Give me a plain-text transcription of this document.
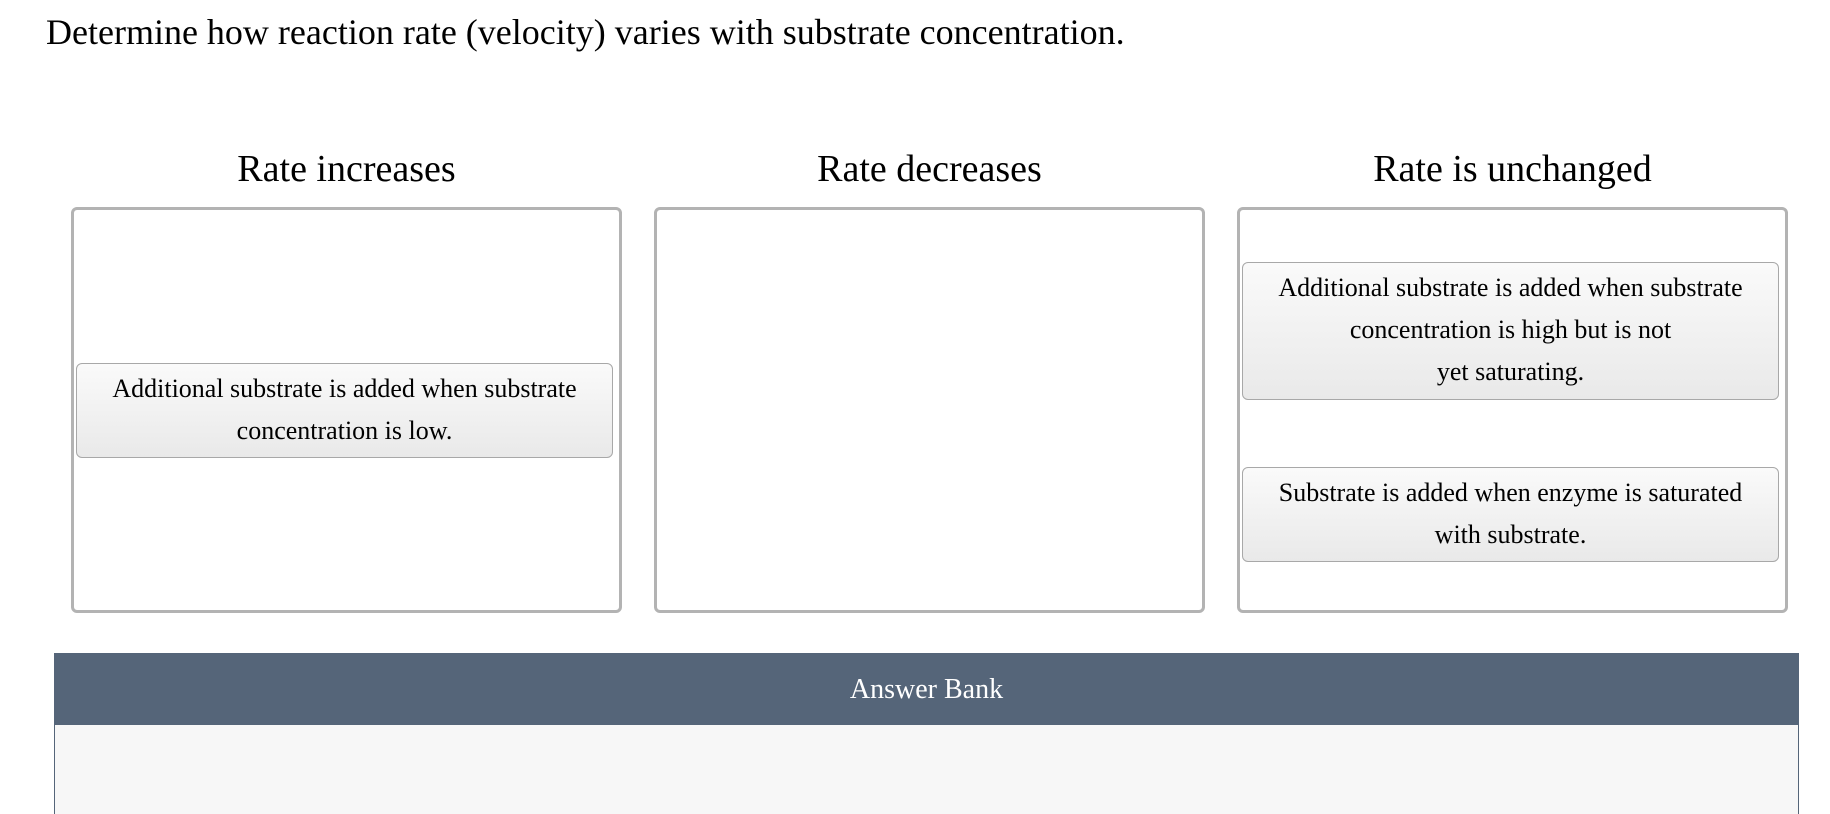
Determine how reaction rate (velocity) varies with substrate concentration.
Rate increases	Rate decreases	Rate is unchanged
Additional substrate is added when substrate
concentration is low.
Additional substrate is added when substrate
concentration is high but is not
yet saturating.
Substrate is added when enzyme is saturated
with substrate.
Answer Bank
